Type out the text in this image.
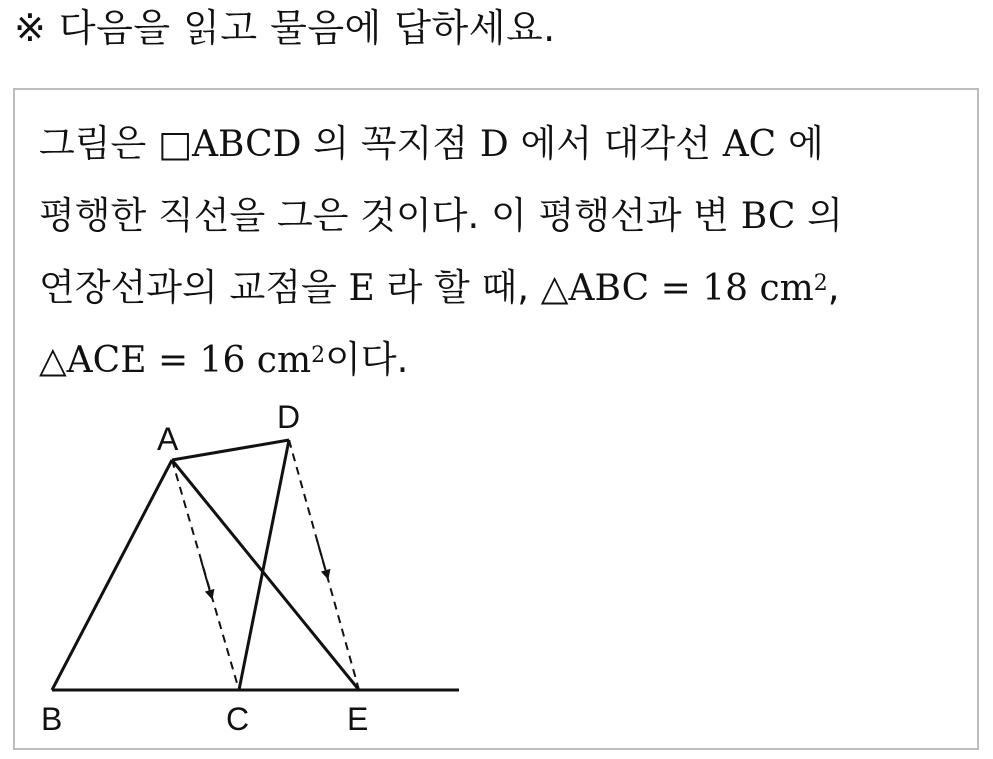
※ 다음을 읽고 물음에 답하세요.
그림은 □ABCD 의 꼭지점 D 에서 대각선 AC 에
평행한 직선을 그은 것이다. 이 평행선과 변 BC 의
연장선과의 교점을 E 라 할 때, △ABC = 18 $cm^2$,
△ACE = 16 $cm^2$이다.
A
D
B	C	E
